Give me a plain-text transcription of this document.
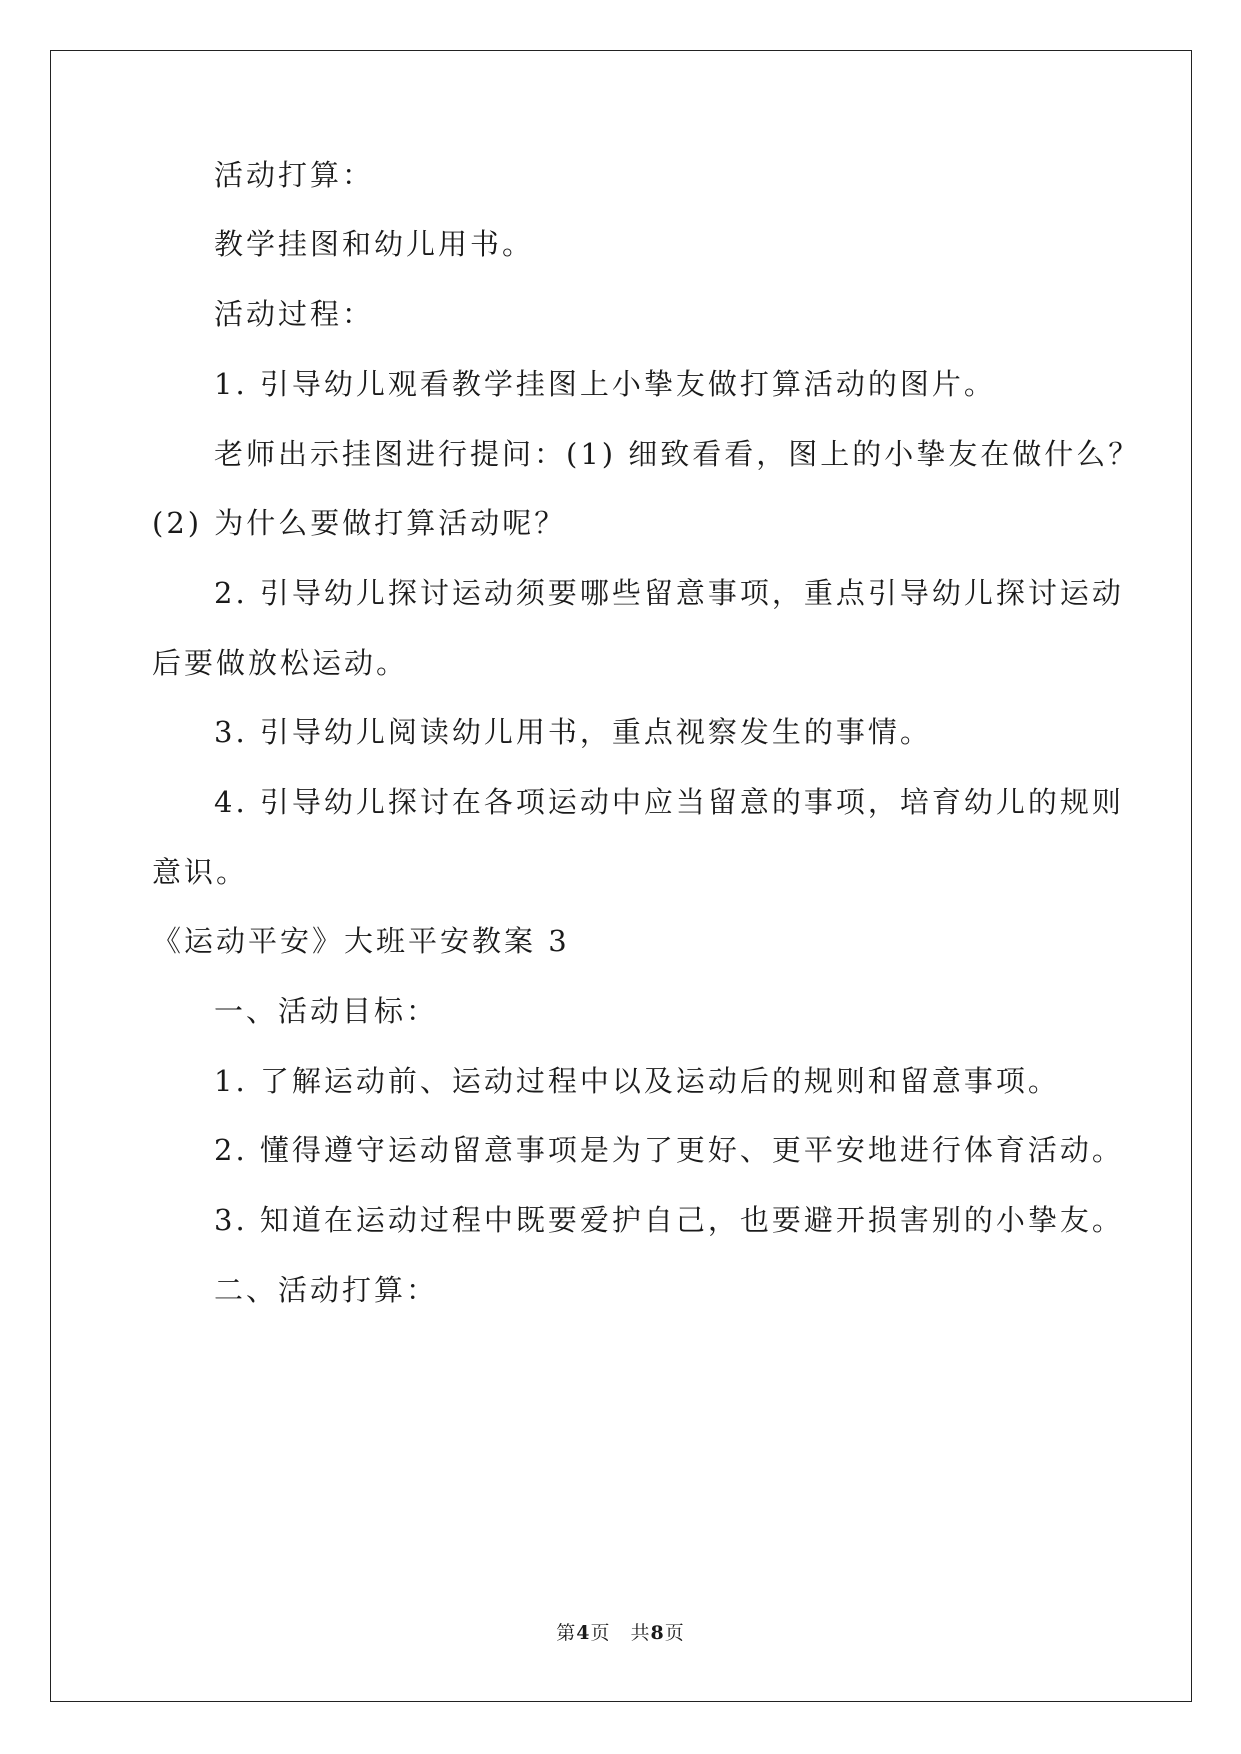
活动打算：
教学挂图和幼儿用书。
活动过程：
1. 引导幼儿观看教学挂图上小挚友做打算活动的图片。
老师出示挂图进行提问：(1) 细致看看，图上的小挚友在做什么？
(2) 为什么要做打算活动呢？
2. 引导幼儿探讨运动须要哪些留意事项，重点引导幼儿探讨运动
后要做放松运动。
3. 引导幼儿阅读幼儿用书，重点视察发生的事情。
4. 引导幼儿探讨在各项运动中应当留意的事项，培育幼儿的规则
意识。
《运动平安》大班平安教案 3
一、活动目标：
1. 了解运动前、运动过程中以及运动后的规则和留意事项。
2. 懂得遵守运动留意事项是为了更好、更平安地进行体育活动。
3. 知道在运动过程中既要爱护自己，也要避开损害别的小挚友。
二、活动打算：
第4页　共8页
